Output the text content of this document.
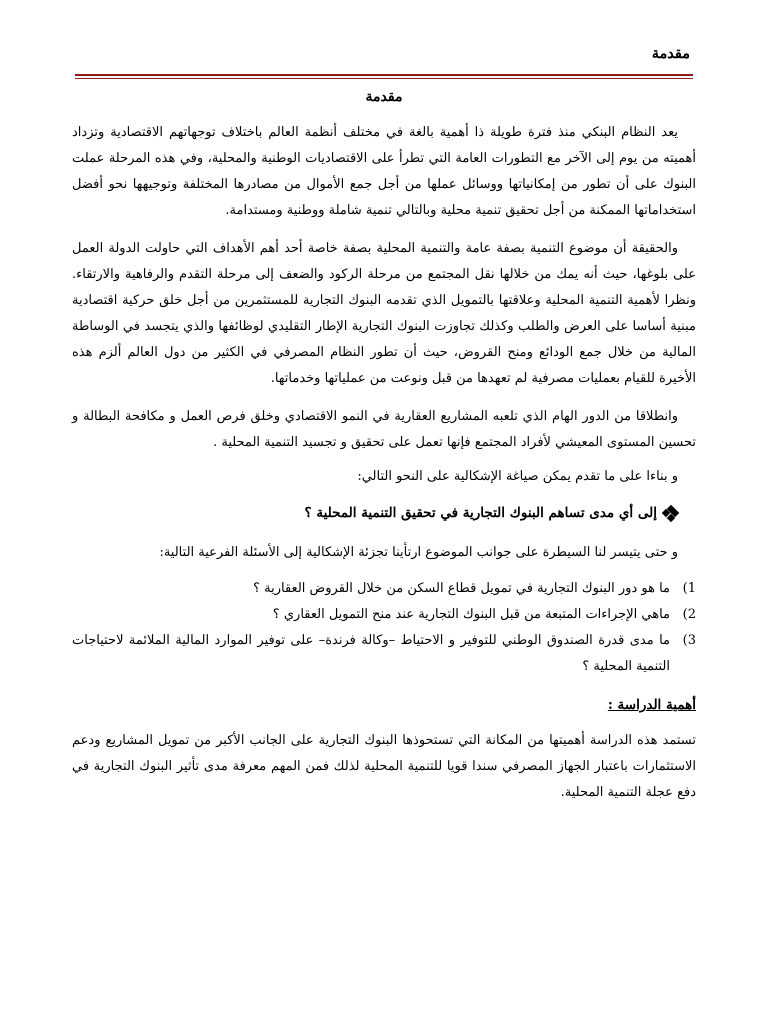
مقدمة
مقدمة

يعد النظام البنكي منذ فترة طويلة ذا أهمية بالغة في مختلف أنظمة العالم باختلاف توجهاتهم الاقتصادية وتزداد أهميته من يوم إلى الآخر مع التطورات العامة التي تطرأ على الاقتصاديات الوطنية والمحلية، وفي هذه المرحلة عملت البنوك على أن تطور من إمكانياتها ووسائل عملها من أجل جمع الأموال من مصادرها المختلفة وتوجيهها نحو أفضل استخداماتها الممكنة من أجل تحقيق تنمية محلية وبالتالي تنمية شاملة ووطنية ومستدامة.

والحقيقة أن موضوع التنمية بصفة عامة والتنمية المحلية بصفة خاصة أحد أهم الأهداف التي حاولت الدولة العمل على بلوغها، حيث أنه يمك من خلالها نقل المجتمع من مرحلة الركود والضعف إلى مرحلة التقدم والرفاهية والارتقاء. ونظرا لأهمية التنمية المحلية وعلاقتها بالتمويل الذي تقدمه البنوك التجارية للمستثمرين من أجل خلق حركية اقتصادية مبنية أساسا على العرض والطلب وكذلك تجاوزت البنوك التجارية الإطار التقليدي لوظائفها والذي يتجسد في الوساطة المالية من خلال جمع الودائع ومنح القروض، حيث أن تطور النظام المصرفي في الكثير من دول العالم ألزم هذه الأخيرة للقيام بعمليات مصرفية لم تعهدها من قبل ونوعت من عملياتها وخدماتها.

وانطلاقا من الدور الهام الذي تلعبه المشاريع العقارية في النمو الاقتصادي وخلق فرص العمل و مكافحة البطالة و تحسين المستوى المعيشي لأفراد المجتمع فإنها تعمل على تحقيق و تجسيد التنمية المحلية .

و بناءا على ما تقدم يمكن صياغة الإشكالية على النحو التالي:
إلى أي مدى تساهم البنوك التجارية في تحقيق التنمية المحلية ؟
و حتى يتيسر لنا السيطرة على جوانب الموضوع ارتأينا تجزئة الإشكالية إلى الأسئلة الفرعية التالية:
1)
ما هو دور البنوك التجارية في تمويل قطاع السكن من خلال القروض العقارية ؟
2)
ماهي الإجراءات المتبعة من قبل البنوك التجارية عند منح التمويل العقاري ؟
3)
ما مدى قدرة الصندوق الوطني للتوفير و الاحتياط –وكالة فرندة– على توفير الموارد المالية الملائمة لاحتياجات التنمية المحلية ؟
أهمية الدراسة :

تستمد هذه الدراسة أهميتها من المكانة التي تستحوذها البنوك التجارية على الجانب الأكبر من تمويل المشاريع ودعم الاستثمارات باعتبار الجهاز المصرفي سندا قويا للتنمية المحلية لذلك فمن المهم معرفة مدى تأثير البنوك التجارية في دفع عجلة التنمية المحلية.
